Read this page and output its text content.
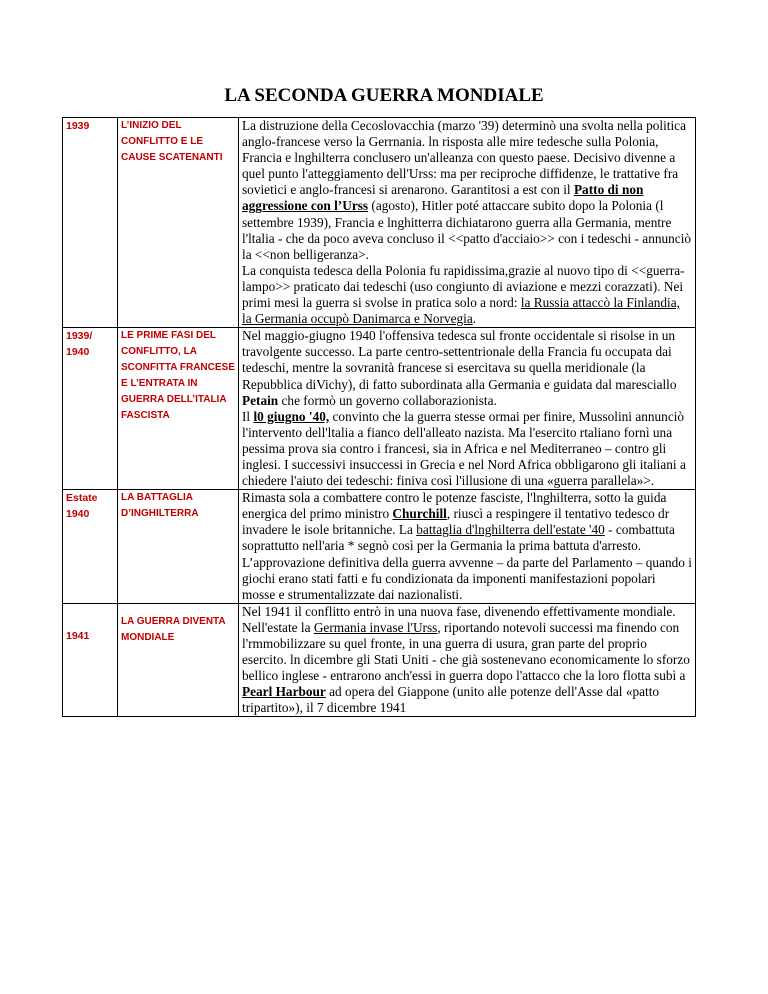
LA SECONDA GUERRA MONDIALE
1939	L’INIZIO DEL CONFLITTO E LE CAUSE SCATENANTI	La distruzione della Cecoslovacchia (marzo '39) determinò una svolta nella politica anglo-francese verso la Gerrnania. ln risposta alle mire tedesche sulla Polonia, Francia e lnghilterra conclusero un'alleanza con questo paese. Decisivo divenne a quel punto l'atteggiamento dell'Urss: ma per reciproche diffidenze, le trattative fra sovietici e anglo-francesi si arenarono. Garantitosi a est con il Patto di non aggressione con l’Urss (agosto), Hitler poté attaccare subito dopo la Polonia (l settembre 1939), Francia e lnghitterra dichiatarono guerra alla Germania, mentre l'ltalia - che da poco aveva concluso il <<patto d'acciaio>> con i tedeschi - annunciò la <<non belligeranza>.
La conquista tedesca della Polonia fu rapidissima,grazie al nuovo tipo di <<guerra-lampo>> praticato dai tedeschi (uso congiunto di aviazione e mezzi corazzati). Nei primi mesi la guerra si svolse in pratica solo a nord: la Russia attaccò la Finlandia, la Germania occupò Danimarca e Norvegia.
1939/ 1940	LE PRIME FASI DEL CONFLITTO, LA SCONFITTA FRANCESE E L’ENTRATA IN GUERRA DELL’ITALIA FASCISTA	Nel maggio-giugno 1940 l'offensiva tedesca sul fronte occidentale si risolse in un travolgente successo. La parte centro-settentrionale della Francia fu occupata dai tedeschi, mentre la sovranità francese si esercitava su quella meridionale (la Repubblica diVichy), di fatto subordinata alla Germania e guidata dal maresciallo Petain che formò un governo collaborazionista.
Il l0 giugno '40, convinto che la guerra stesse ormai per finire, Mussolini annunciò l'intervento dell'ltalia a fianco dell'alleato nazista. Ma l'esercito rtaliano fornì una pessima prova sia contro i francesi, sia in Africa e nel Mediterraneo – contro gli inglesi. I successivi insuccessi in Grecia e nel Nord Africa obbligarono gli italiani a chiedere l'aiuto dei tedeschi: finiva così l'illusione di una «guerra parallela»>.
Estate 1940	LA BATTAGLIA D’INGHILTERRA	Rimasta sola a combattere contro le potenze fasciste, l'lnghilterra, sotto la guida energica del primo ministro Churchill, riuscì a respingere il tentativo tedesco dr invadere le isole britanniche. La battaglia d'lnghilterra dell'estate '40 - combattuta soprattutto nell'aria * segnò così per la Germania la prima battuta d'arresto. L’approvazione definitiva della guerra avvenne – da parte del Parlamento – quando i giochi erano stati fatti e fu condizionata da imponenti manifestazioni popolari mosse e strumentalizzate dai nazionalisti.

1941	LA GUERRA DIVENTA MONDIALE	Nel 1941 il conflitto entrò in una nuova fase, divenendo effettivamente mondiale. Nell'estate la Germania invase l'Urss, riportando notevoli successi ma finendo con l'rmmobilizzare su quel fronte, in una guerra di usura, gran parte del proprio esercito. ln dicembre gli Stati Uniti - che già sostenevano economicamente lo sforzo bellico inglese - entrarono anch'essi in guerra dopo l'attacco che la loro flotta subì a Pearl Harbour ad opera del Giappone (unito alle potenze dell'Asse dal «patto tripartito»), il 7 dicembre 1941
